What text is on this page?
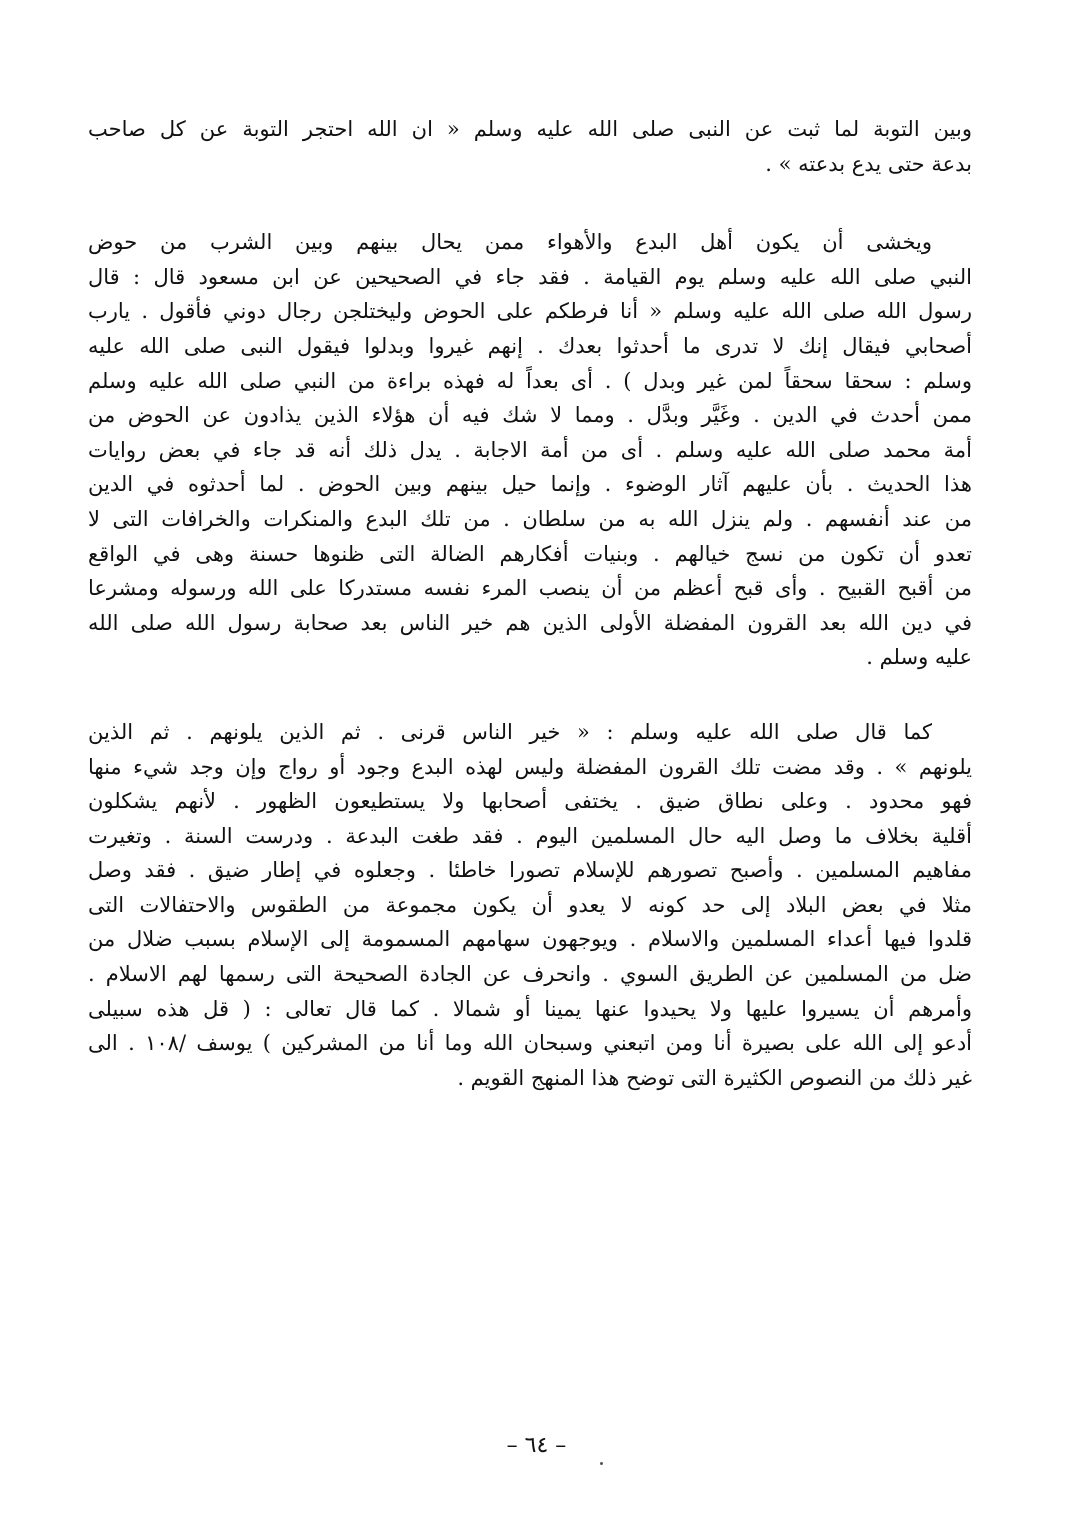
وبين التوبة لما ثبت عن النبى صلى الله عليه وسلم « ان الله احتجر التوبة عن كل صاحب
بدعة حتى يدع بدعته » .
ويخشى أن يكون أهل البدع والأهواء ممن يحال بينهم وبين الشرب من حوض
النبي صلى الله عليه وسلم يوم القيامة . فقد جاء في الصحيحين عن ابن مسعود قال : قال
رسول الله صلى الله عليه وسلم « أنا فرطكم على الحوض وليختلجن رجال دوني فأقول . يارب
أصحابي فيقال إنك لا تدرى ما أحدثوا بعدك . إنهم غيروا وبدلوا فيقول النبى صلى الله عليه
وسلم : سحقا سحقاً لمن غير وبدل ) . أى بعداً له فهذه براءة من النبي صلى الله عليه وسلم
ممن أحدث في الدين . وغَيَّر وبدَّل . ومما لا شك فيه أن هؤلاء الذين يذادون عن الحوض من
أمة محمد صلى الله عليه وسلم . أى من أمة الاجابة . يدل ذلك أنه قد جاء في بعض روايات
هذا الحديث . بأن عليهم آثار الوضوء . وإنما حيل بينهم وبين الحوض . لما أحدثوه في الدين
من عند أنفسهم . ولم ينزل الله به من سلطان . من تلك البدع والمنكرات والخرافات التى لا
تعدو أن تكون من نسج خيالهم . وبنيات أفكارهم الضالة التى ظنوها حسنة وهى في الواقع
من أقبح القبيح . وأى قبح أعظم من أن ينصب المرء نفسه مستدركا على الله ورسوله ومشرعا
في دين الله بعد القرون المفضلة الأولى الذين هم خير الناس بعد صحابة رسول الله صلى الله
عليه وسلم .
كما قال صلى الله عليه وسلم : « خير الناس قرنى . ثم الذين يلونهم . ثم الذين
يلونهم » . وقد مضت تلك القرون المفضلة وليس لهذه البدع وجود أو رواج وإن وجد شيء منها
فهو محدود . وعلى نطاق ضيق . يختفى أصحابها ولا يستطيعون الظهور . لأنهم يشكلون
أقلية بخلاف ما وصل اليه حال المسلمين اليوم . فقد طغت البدعة . ودرست السنة . وتغيرت
مفاهيم المسلمين . وأصبح تصورهم للإسلام تصورا خاطئا . وجعلوه في إطار ضيق . فقد وصل
مثلا في بعض البلاد إلى حد كونه لا يعدو أن يكون مجموعة من الطقوس والاحتفالات التى
قلدوا فيها أعداء المسلمين والاسلام . ويوجهون سهامهم المسمومة إلى الإسلام بسبب ضلال من
ضل من المسلمين عن الطريق السوي . وانحرف عن الجادة الصحيحة التى رسمها لهم الاسلام .
وأمرهم أن يسيروا عليها ولا يحيدوا عنها يمينا أو شمالا . كما قال تعالى : ( قل هذه سبيلى
أدعو إلى الله على بصيرة أنا ومن اتبعني وسبحان الله وما أنا من المشركين ) يوسف /١٠٨ . الى
غير ذلك من النصوص الكثيرة التى توضح هذا المنهج القويم .
– ٦٤ –
